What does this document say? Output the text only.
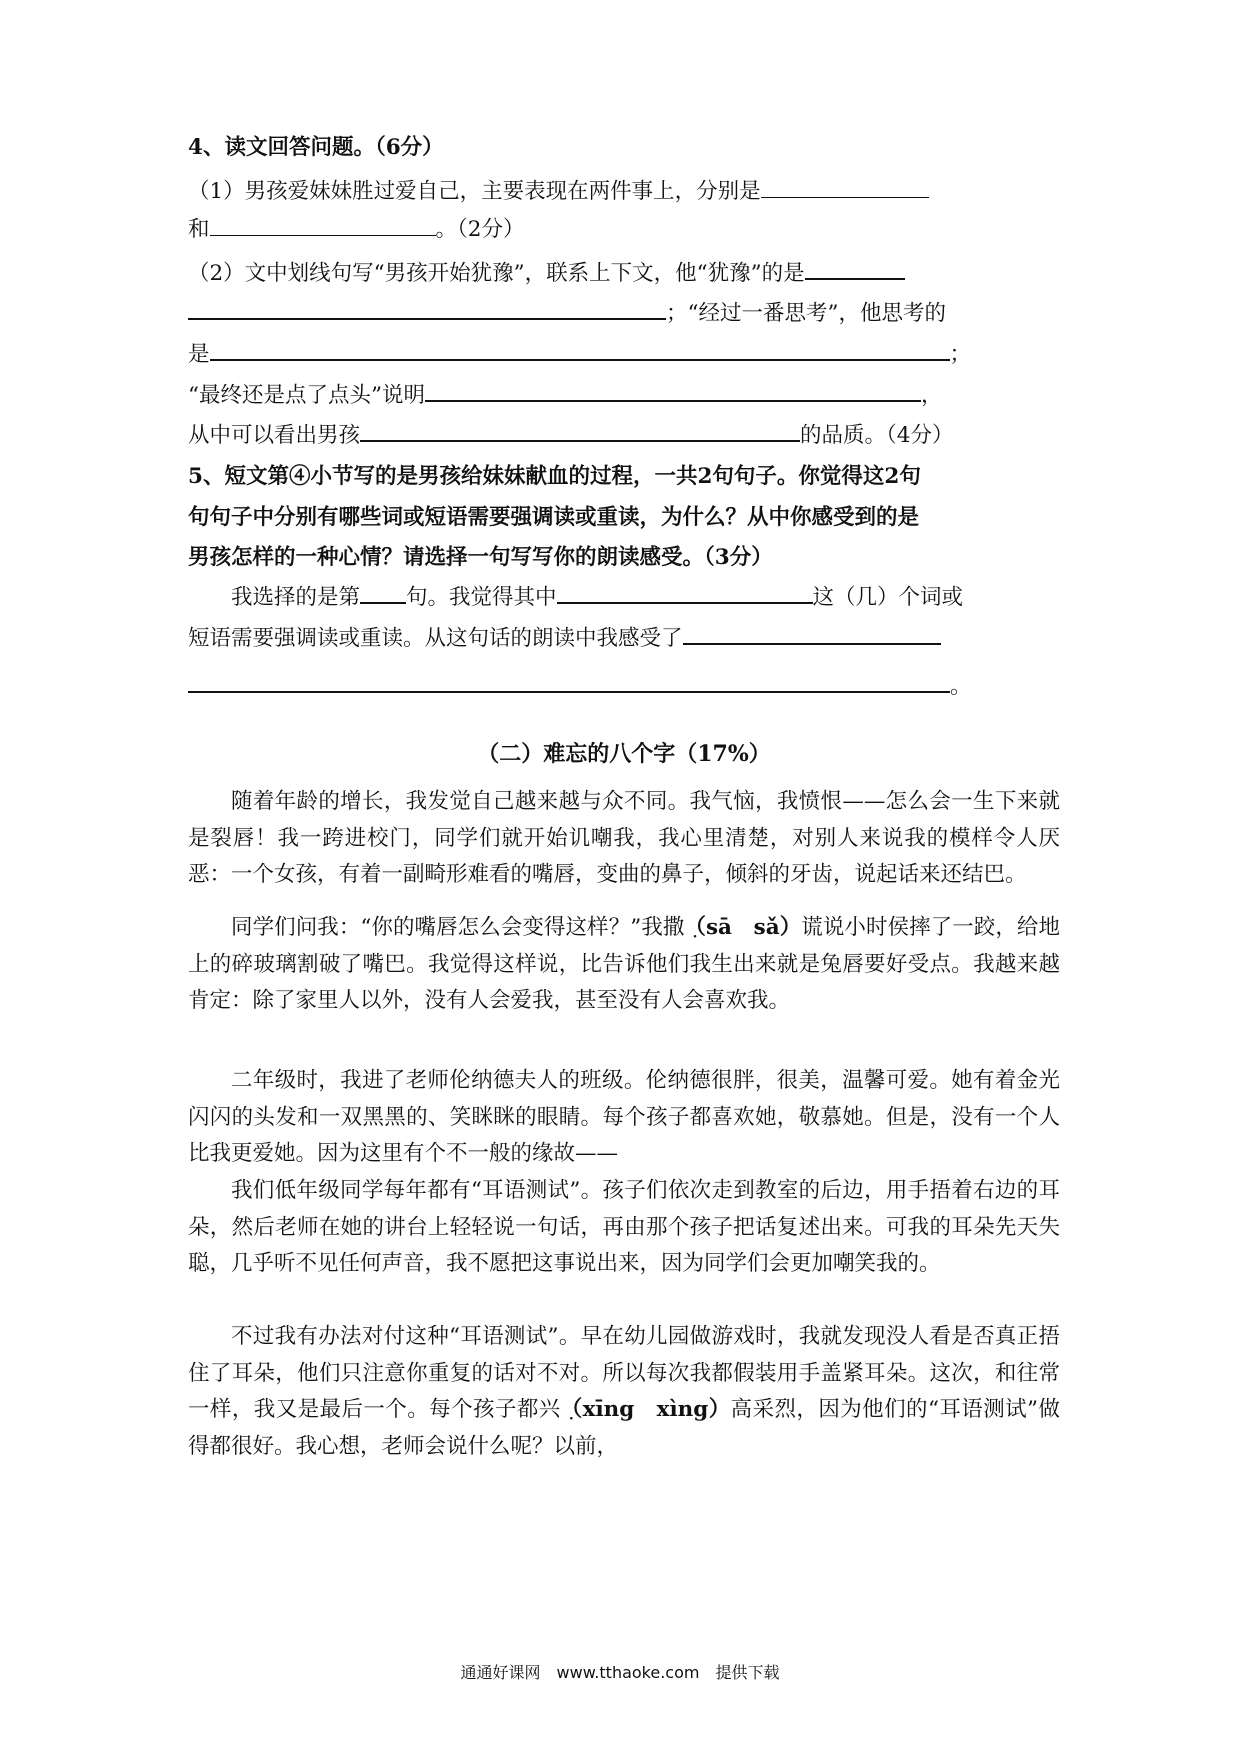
4、读文回答问题。（6分）
（1）男孩爱妹妹胜过爱自己，主要表现在两件事上，分别是
和	。（2分）
（2）文中划线句写“男孩开始犹豫”，联系上下文，他“犹豫”的是
；“经过一番思考”，他思考的
是	；
“最终还是点了点头”说明	，
从中可以看出男孩	的品质。（4分）
5、短文第④小节写的是男孩给妹妹献血的过程，一共2句句子。你觉得这2句
句句子中分别有哪些词或短语需要强调读或重读，为什么？从中你感受到的是
男孩怎样的一种心情？请选择一句写写你的朗读感受。（3分）
我选择的是第 句。我觉得其中	这（几）个词或
短语需要强调读或重读。从这句话的朗读中我感受了
。
（二）难忘的八个字（17%）

随着年龄的增长，我发觉自己越来越与众不同。我气恼，我愤恨——怎么会一生下来就是裂唇！我一跨进校门，同学们就开始讥嘲我，我心里清楚，对别人来说我的模样令人厌恶：一个女孩，有着一副畸形难看的嘴唇，变曲的鼻子，倾斜的牙齿，说起话来还结巴。

同学们问我：“你的嘴唇怎么会变得这样？”我撒（sā　sǎ）谎说小时侯摔了一跤，给地上的碎玻璃割破了嘴巴。我觉得这样说，比告诉他们我生出来就是兔唇要好受点。我越来越肯定：除了家里人以外，没有人会爱我，甚至没有人会喜欢我。

二年级时，我进了老师伦纳德夫人的班级。伦纳德很胖，很美，温馨可爱。她有着金光闪闪的头发和一双黑黑的、笑眯眯的眼睛。每个孩子都喜欢她，敬慕她。但是，没有一个人比我更爱她。因为这里有个不一般的缘故——

我们低年级同学每年都有“耳语测试”。孩子们依次走到教室的后边，用手捂着右边的耳朵，然后老师在她的讲台上轻轻说一句话，再由那个孩子把话复述出来。可我的耳朵先天失聪，几乎听不见任何声音，我不愿把这事说出来，因为同学们会更加嘲笑我的。

不过我有办法对付这种“耳语测试”。早在幼儿园做游戏时，我就发现没人看是否真正捂住了耳朵，他们只注意你重复的话对不对。所以每次我都假装用手盖紧耳朵。这次，和往常一样，我又是最后一个。每个孩子都兴（xīng　xìng）高采烈，因为他们的“耳语测试”做得都很好。我心想，老师会说什么呢？以前，

通通好课网　www.tthaoke.com　提供下载
